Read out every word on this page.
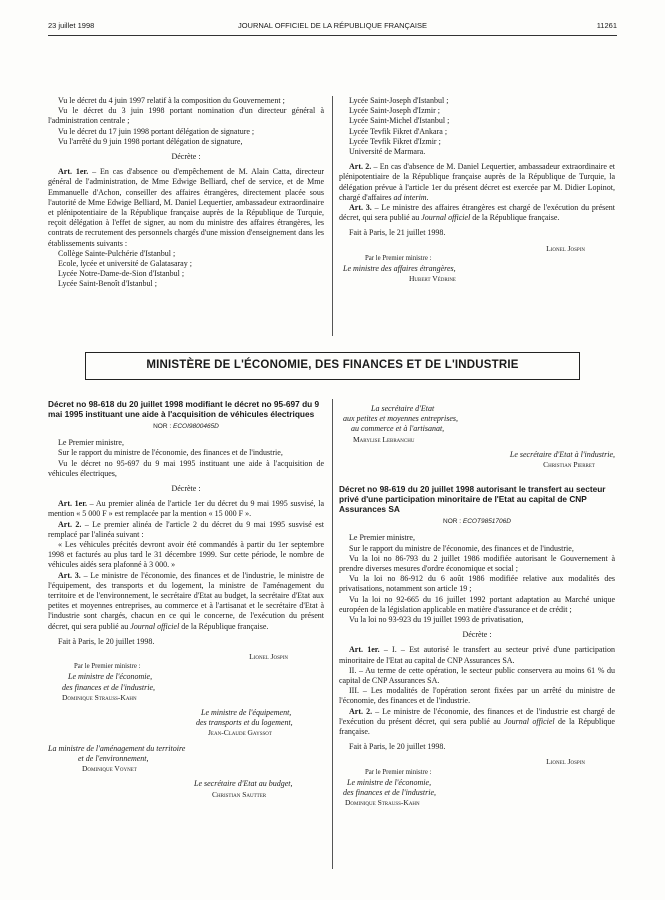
23 juillet 1998	JOURNAL OFFICIEL DE LA RÉPUBLIQUE FRANÇAISE	11261

Vu le décret du 4 juin 1997 relatif à la composition du Gouvernement ;

Vu le décret du 3 juin 1998 portant nomination d'un directeur général à l'administration centrale ;

Vu le décret du 17 juin 1998 portant délégation de signature ;

Vu l'arrêté du 9 juin 1998 portant délégation de signature,

Décrète :

Art. 1er. – En cas d'absence ou d'empêchement de M. Alain Catta, directeur général de l'administration, de Mme Edwige Belliard, chef de service, et de Mme Emmanuelle d'Achon, conseiller des affaires étrangères, directement placée sous l'autorité de Mme Edwige Belliard, M. Daniel Lequertier, ambassadeur extraordinaire et plénipotentiaire de la République française auprès de la République de Turquie, reçoit délégation à l'effet de signer, au nom du ministre des affaires étrangères, les contrats de recrutement des personnels chargés d'une mission d'enseignement dans les établissements suivants :

Collège Sainte-Pulchérie d'Istanbul ;

Ecole, lycée et université de Galatasaray ;

Lycée Notre-Dame-de-Sion d'Istanbul ;

Lycée Saint-Benoît d'Istanbul ;

Lycée Saint-Joseph d'Istanbul ;

Lycée Saint-Joseph d'Izmir ;

Lycée Saint-Michel d'Istanbul ;

Lycée Tevfik Fikret d'Ankara ;

Lycée Tevfik Fikret d'Izmir ;

Université de Marmara.

Art. 2. – En cas d'absence de M. Daniel Lequertier, ambassadeur extraordinaire et plénipotentiaire de la République française auprès de la République de Turquie, la délégation prévue à l'article 1er du présent décret est exercée par M. Didier Lopinot, chargé d'affaires ad interim.

Art. 3. – Le ministre des affaires étrangères est chargé de l'exécution du présent décret, qui sera publié au Journal officiel de la République française.

Fait à Paris, le 21 juillet 1998.

Lionel Jospin

Par le Premier ministre :

Le ministre des affaires étrangères,

Hubert Védrine

MINISTÈRE DE L'ÉCONOMIE, DES FINANCES ET DE L'INDUSTRIE

Décret no 98-618 du 20 juillet 1998 modifiant le décret no 95-697 du 9 mai 1995 instituant une aide à l'acquisition de véhicules électriques

NOR : ECOI9800465D

Le Premier ministre,

Sur le rapport du ministre de l'économie, des finances et de l'industrie,

Vu le décret no 95-697 du 9 mai 1995 instituant une aide à l'acquisition de véhicules électriques,

Décrète :

Art. 1er. – Au premier alinéa de l'article 1er du décret du 9 mai 1995 susvisé, la mention « 5 000 F » est remplacée par la mention « 15 000 F ».

Art. 2. – Le premier alinéa de l'article 2 du décret du 9 mai 1995 susvisé est remplacé par l'alinéa suivant :

« Les véhicules précités devront avoir été commandés à partir du 1er septembre 1998 et facturés au plus tard le 31 décembre 1999. Sur cette période, le nombre de véhicules aidés sera plafonné à 3 000. »

Art. 3. – Le ministre de l'économie, des finances et de l'industrie, le ministre de l'équipement, des transports et du logement, la ministre de l'aménagement du territoire et de l'environnement, le secrétaire d'Etat au budget, la secrétaire d'Etat aux petites et moyennes entreprises, au commerce et à l'artisanat et le secrétaire d'Etat à l'industrie sont chargés, chacun en ce qui le concerne, de l'exécution du présent décret, qui sera publié au Journal officiel de la République française.

Fait à Paris, le 20 juillet 1998.

Lionel Jospin

Par le Premier ministre :

Le ministre de l'économie,

des finances et de l'industrie,

Dominique Strauss-Kahn

Le ministre de l'équipement,

des transports et du logement,

Jean-Claude Gayssot

La ministre de l'aménagement du territoire

et de l'environnement,

Dominique Voynet

Le secrétaire d'Etat au budget,

Christian Sautter

La secrétaire d'Etat

aux petites et moyennes entreprises,

au commerce et à l'artisanat,

Marylise Lebranchu

Le secrétaire d'Etat à l'industrie,

Christian Pierret

Décret no 98-619 du 20 juillet 1998 autorisant le transfert au secteur privé d'une participation minoritaire de l'Etat au capital de CNP Assurances SA

NOR : ECOT9851706D

Le Premier ministre,

Sur le rapport du ministre de l'économie, des finances et de l'industrie,

Vu la loi no 86-793 du 2 juillet 1986 modifiée autorisant le Gouvernement à prendre diverses mesures d'ordre économique et social ;

Vu la loi no 86-912 du 6 août 1986 modifiée relative aux modalités des privatisations, notamment son article 19 ;

Vu la loi no 92-665 du 16 juillet 1992 portant adaptation au Marché unique européen de la législation applicable en matière d'assurance et de crédit ;

Vu la loi no 93-923 du 19 juillet 1993 de privatisation,

Décrète :

Art. 1er. – I. – Est autorisé le transfert au secteur privé d'une participation minoritaire de l'Etat au capital de CNP Assurances SA.

II. – Au terme de cette opération, le secteur public conservera au moins 61 % du capital de CNP Assurances SA.

III. – Les modalités de l'opération seront fixées par un arrêté du ministre de l'économie, des finances et de l'industrie.

Art. 2. – Le ministre de l'économie, des finances et de l'industrie est chargé de l'exécution du présent décret, qui sera publié au Journal officiel de la République française.

Fait à Paris, le 20 juillet 1998.

Lionel Jospin

Par le Premier ministre :

Le ministre de l'économie,

des finances et de l'industrie,

Dominique Strauss-Kahn
